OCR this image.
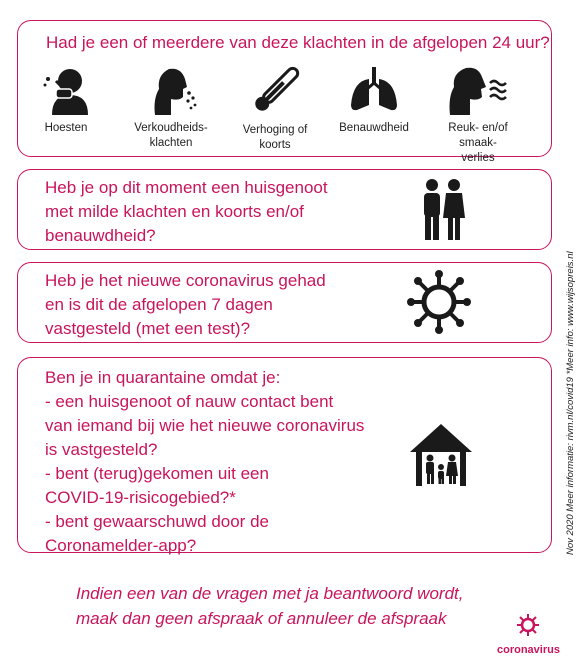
Had je een of meerdere van deze klachten in de afgelopen 24 uur?
Hoesten	Verkoudheids-
klachten
Verhoging of
koorts
Benauwdheid	Reuk- en/of smaak-
verlies
Heb je op dit moment een huisgenoot
met milde klachten en koorts en/of
benauwdheid?
Heb je het nieuwe coronavirus gehad
en is dit de afgelopen 7 dagen
vastgesteld (met een test)?
Ben je in quarantaine omdat je:
- een huisgenoot of nauw contact bent
van iemand bij wie het nieuwe coronavirus
is vastgesteld?
- bent (terug)gekomen uit een
COVID-19-risicogebied?*
- bent gewaarschuwd door de
Coronamelder-app?
Indien een van de vragen met ja beantwoord wordt,
maak dan geen afspraak of annuleer de afspraak
Nov 2020 Meer informatie: rivm.nl/covid19 *Meer info: www.wijsopreis.nl
coronavirus
